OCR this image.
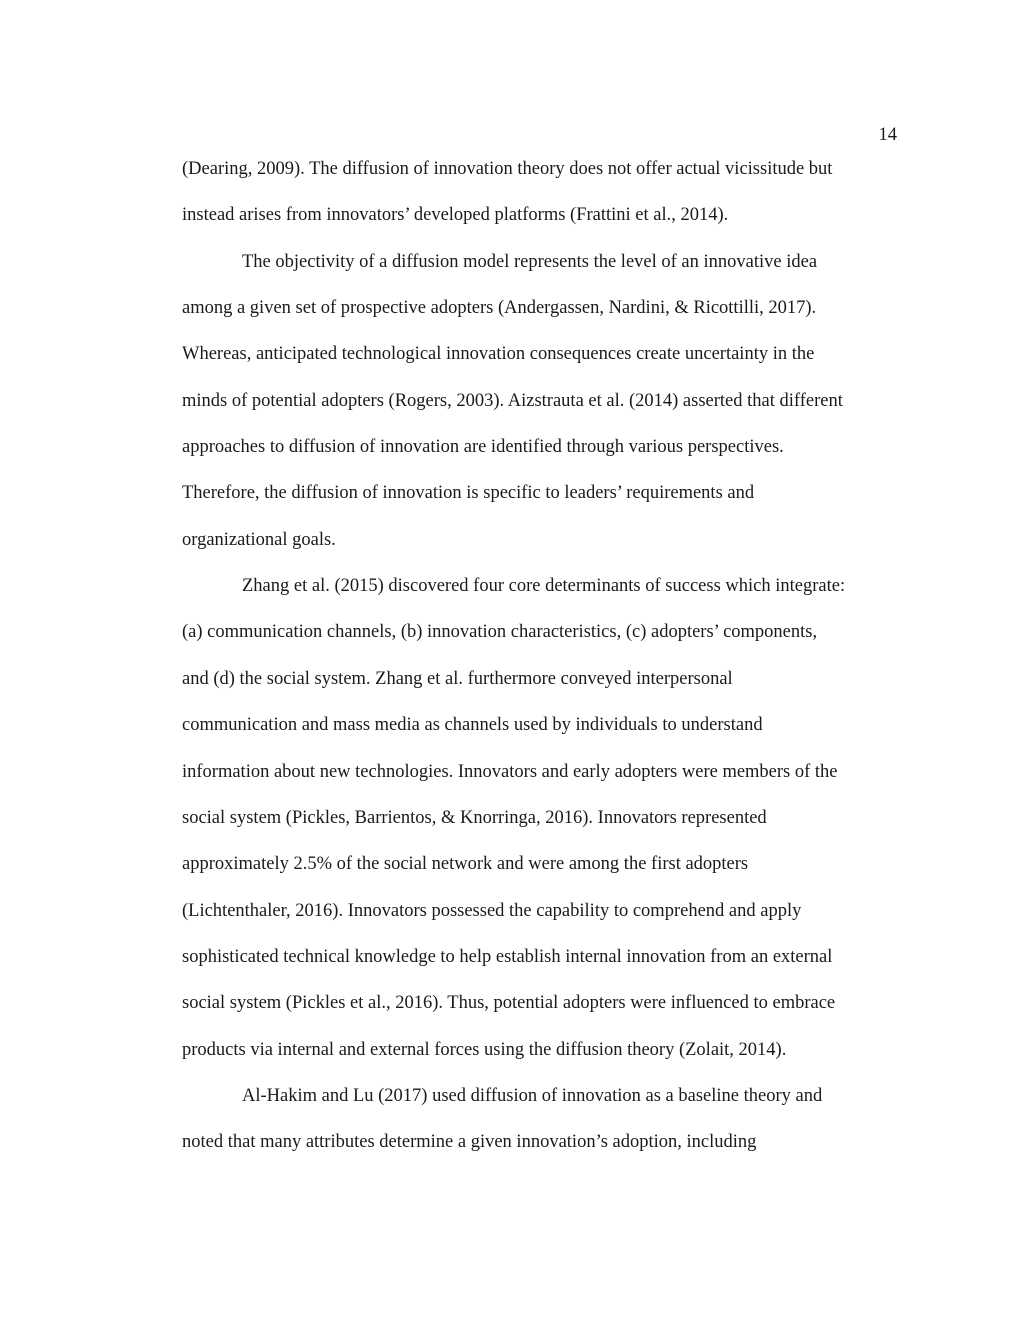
14
(Dearing, 2009). The diffusion of innovation theory does not offer actual vicissitude but
instead arises from innovators’ developed platforms (Frattini et al., 2014).
The objectivity of a diffusion model represents the level of an innovative idea
among a given set of prospective adopters (Andergassen, Nardini, & Ricottilli, 2017).
Whereas, anticipated technological innovation consequences create uncertainty in the
minds of potential adopters (Rogers, 2003). Aizstrauta et al. (2014) asserted that different
approaches to diffusion of innovation are identified through various perspectives.
Therefore, the diffusion of innovation is specific to leaders’ requirements and
organizational goals.
Zhang et al. (2015) discovered four core determinants of success which integrate:
(a) communication channels, (b) innovation characteristics, (c) adopters’ components,
and (d) the social system. Zhang et al. furthermore conveyed interpersonal
communication and mass media as channels used by individuals to understand
information about new technologies. Innovators and early adopters were members of the
social system (Pickles, Barrientos, & Knorringa, 2016). Innovators represented
approximately 2.5% of the social network and were among the first adopters
(Lichtenthaler, 2016). Innovators possessed the capability to comprehend and apply
sophisticated technical knowledge to help establish internal innovation from an external
social system (Pickles et al., 2016). Thus, potential adopters were influenced to embrace
products via internal and external forces using the diffusion theory (Zolait, 2014).
Al-Hakim and Lu (2017) used diffusion of innovation as a baseline theory and
noted that many attributes determine a given innovation’s adoption, including
